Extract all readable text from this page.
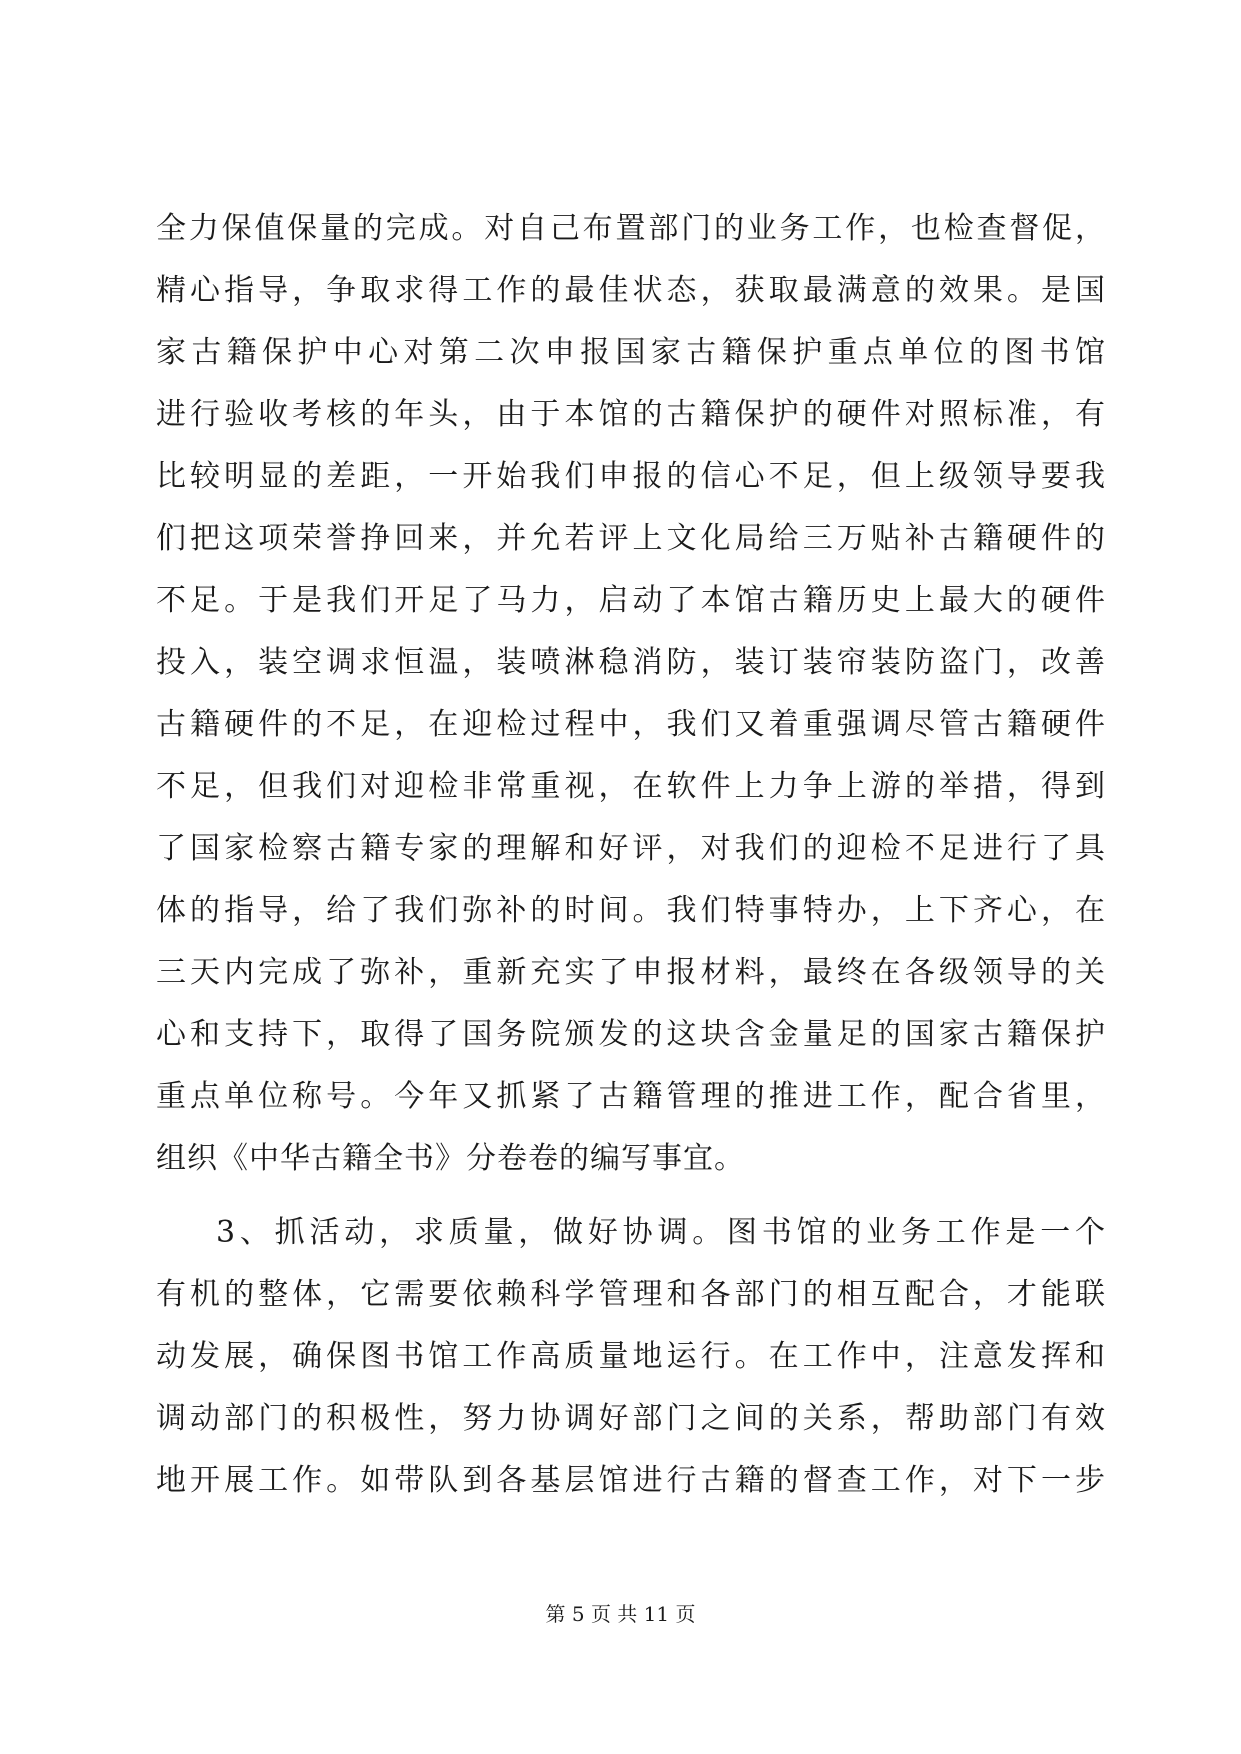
全力保值保量的完成。对自己布置部门的业务工作，也检查督促，
精心指导，争取求得工作的最佳状态，获取最满意的效果。是国
家古籍保护中心对第二次申报国家古籍保护重点单位的图书馆
进行验收考核的年头，由于本馆的古籍保护的硬件对照标准，有
比较明显的差距，一开始我们申报的信心不足，但上级领导要我
们把这项荣誉挣回来，并允若评上文化局给三万贴补古籍硬件的
不足。于是我们开足了马力，启动了本馆古籍历史上最大的硬件
投入，装空调求恒温，装喷淋稳消防，装订装帘装防盗门，改善
古籍硬件的不足，在迎检过程中，我们又着重强调尽管古籍硬件
不足，但我们对迎检非常重视，在软件上力争上游的举措，得到
了国家检察古籍专家的理解和好评，对我们的迎检不足进行了具
体的指导，给了我们弥补的时间。我们特事特办，上下齐心，在
三天内完成了弥补，重新充实了申报材料，最终在各级领导的关
心和支持下，取得了国务院颁发的这块含金量足的国家古籍保护
重点单位称号。今年又抓紧了古籍管理的推进工作，配合省里，
组织《中华古籍全书》分卷卷的编写事宜。
3、抓活动，求质量，做好协调。图书馆的业务工作是一个
有机的整体，它需要依赖科学管理和各部门的相互配合，才能联
动发展，确保图书馆工作高质量地运行。在工作中，注意发挥和
调动部门的积极性，努力协调好部门之间的关系，帮助部门有效
地开展工作。如带队到各基层馆进行古籍的督查工作，对下一步
第 5 页 共 11 页
